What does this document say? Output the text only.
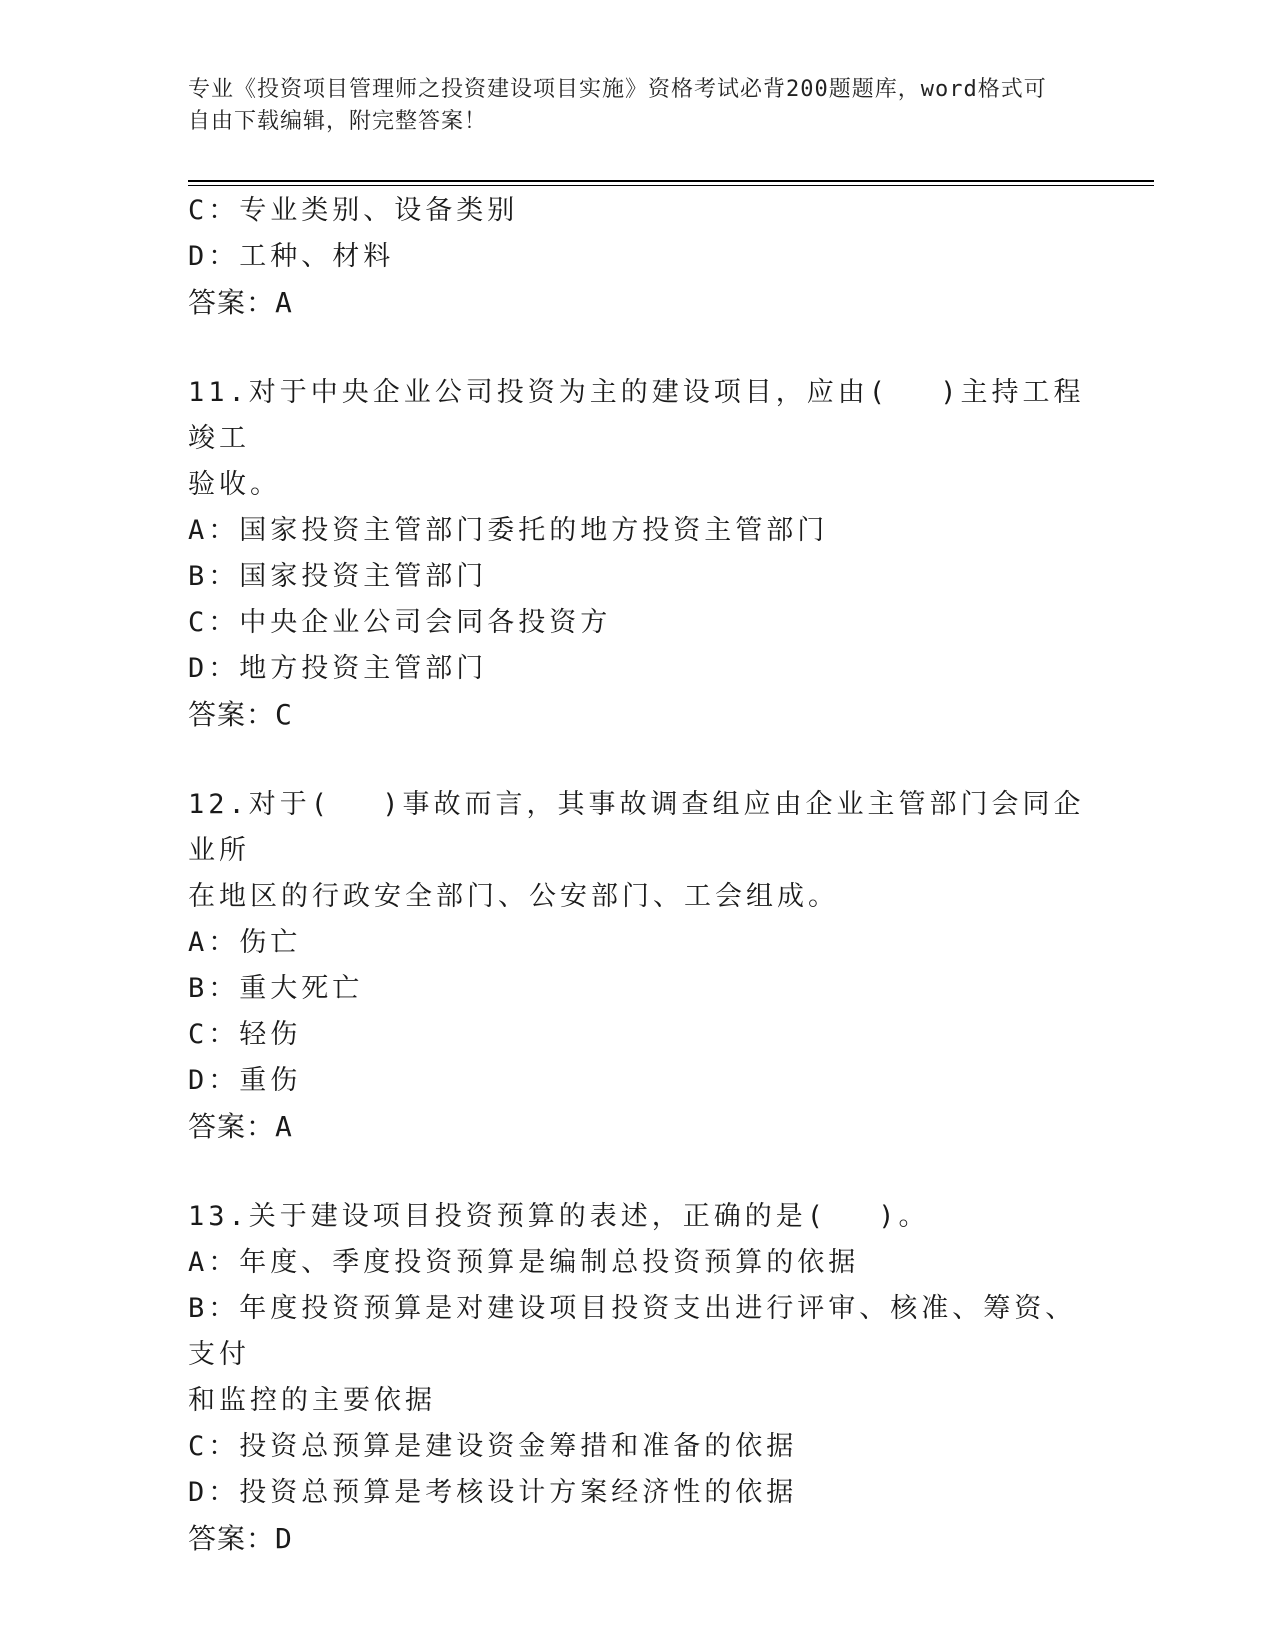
专业《投资项目管理师之投资建设项目实施》资格考试必背200题题库，word格式可自由下载编辑，附完整答案！

C：专业类别、设备类别

D：工种、材料

答案：A

11.对于中央企业公司投资为主的建设项目，应由(　 )主持工程竣工

验收。

A：国家投资主管部门委托的地方投资主管部门

B：国家投资主管部门

C：中央企业公司会同各投资方

D：地方投资主管部门

答案：C

12.对于(　 )事故而言，其事故调查组应由企业主管部门会同企业所

在地区的行政安全部门、公安部门、工会组成。

A：伤亡

B：重大死亡

C：轻伤

D：重伤

答案：A

13.关于建设项目投资预算的表述，正确的是(　 )。

A：年度、季度投资预算是编制总投资预算的依据

B：年度投资预算是对建设项目投资支出进行评审、核准、筹资、支付

和监控的主要依据

C：投资总预算是建设资金筹措和准备的依据

D：投资总预算是考核设计方案经济性的依据

答案：D
